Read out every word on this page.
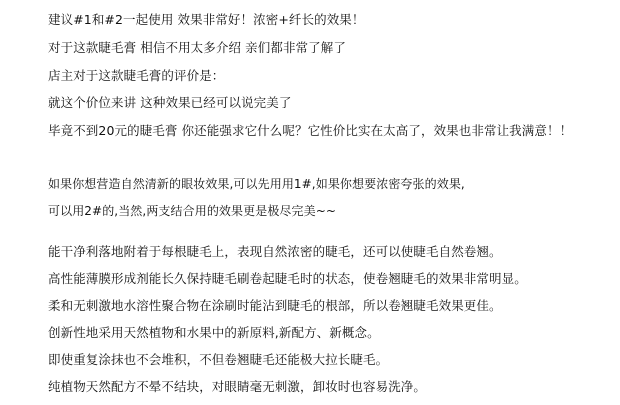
建议#1和#2一起使用 效果非常好！浓密+纤长的效果！
对于这款睫毛膏 相信不用太多介绍 亲们都非常了解了
店主对于这款睫毛膏的评价是：
就这个价位来讲 这种效果已经可以说完美了
毕竟不到20元的睫毛膏 你还能强求它什么呢？它性价比实在太高了，效果也非常让我满意！！
如果你想营造自然清新的眼妆效果,可以先用用1#,如果你想要浓密夸张的效果,
可以用2#的,当然,两支结合用的效果更是极尽完美~~
能干净利落地附着于每根睫毛上，表现自然浓密的睫毛，还可以使睫毛自然卷翘。
高性能薄膜形成剂能长久保持睫毛刷卷起睫毛时的状态，使卷翘睫毛的效果非常明显。
柔和无刺激地水溶性聚合物在涂刷时能沾到睫毛的根部，所以卷翘睫毛效果更佳。
创新性地采用天然植物和水果中的新原料,新配方、新概念。
即使重复涂抹也不会堆积，不但卷翘睫毛还能极大拉长睫毛。
纯植物天然配方不晕不结块，对眼睛毫无刺激，卸妆时也容易洗净。
